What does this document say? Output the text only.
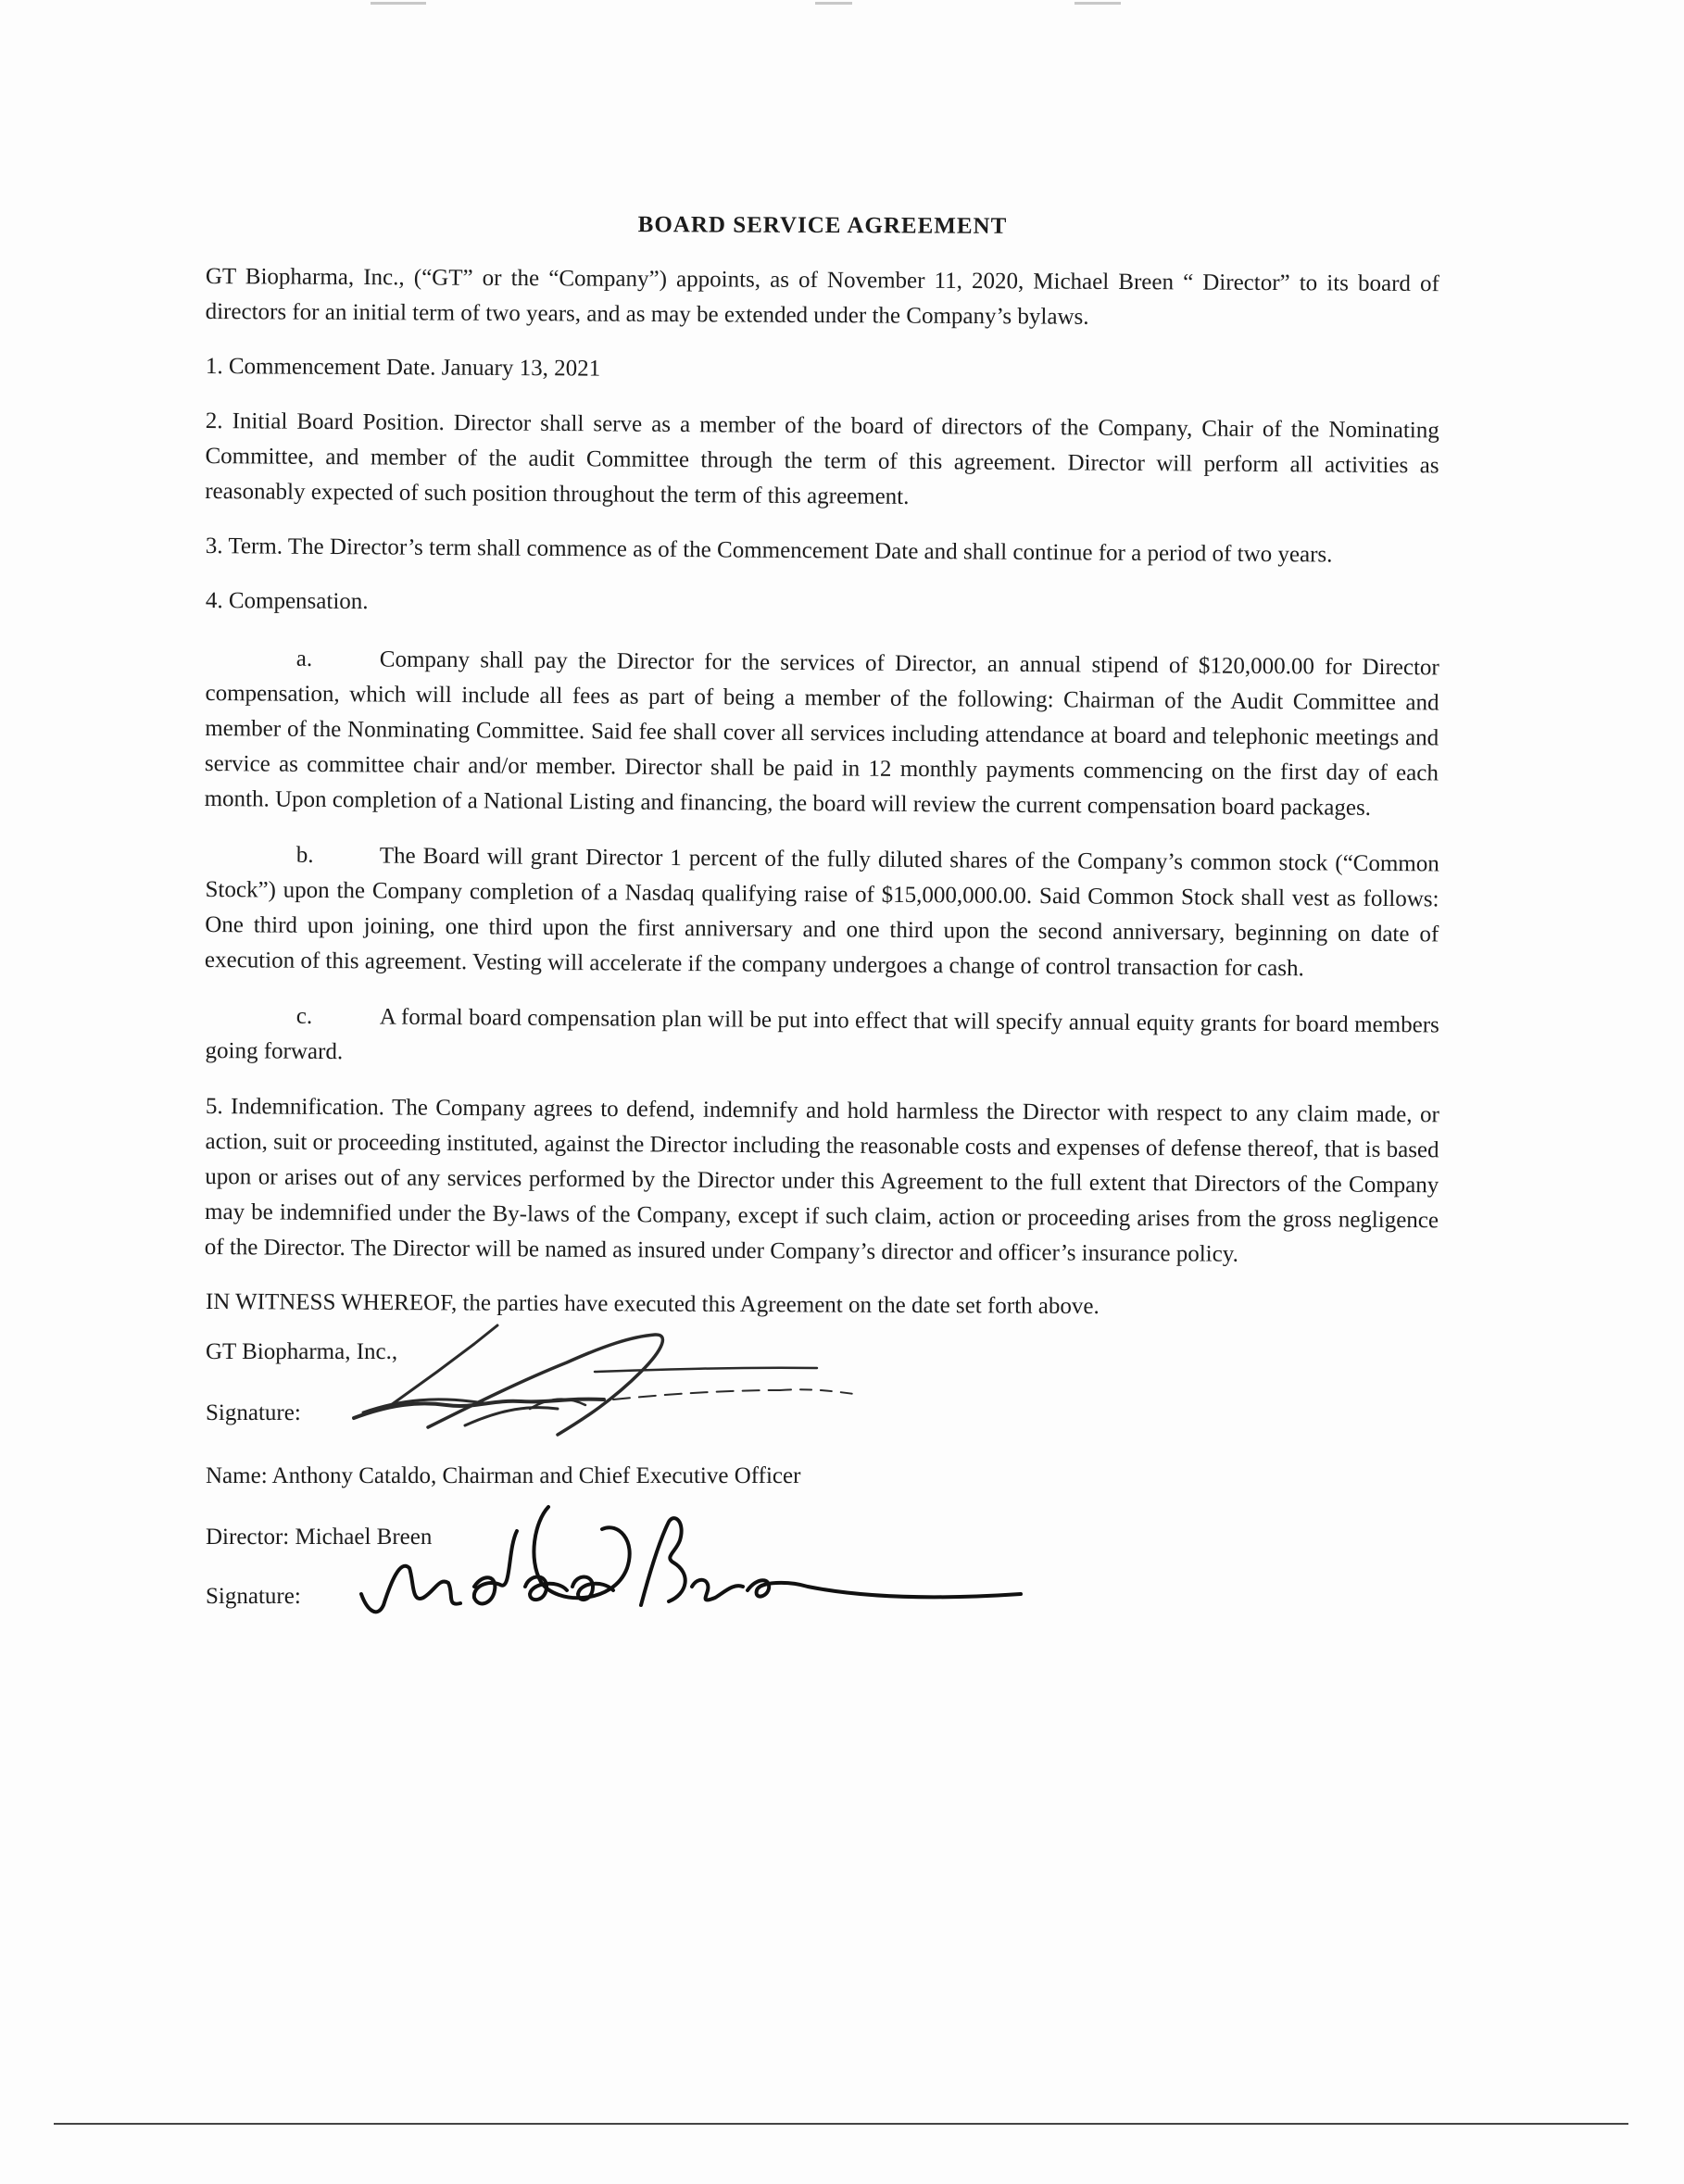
BOARD SERVICE AGREEMENT

GT Biopharma, Inc., (“GT” or the “Company”) appoints, as of November 11, 2020, Michael Breen “ Director” to its board of directors for an initial term of two years, and as may be extended under the Company’s bylaws.

1. Commencement Date. January 13, 2021

2. Initial Board Position. Director shall serve as a member of the board of directors of the Company, Chair of the Nominating Committee, and member of the audit Committee through the term of this agreement. Director will perform all activities as reasonably expected of such position throughout the term of this agreement.

3. Term. The Director’s term shall commence as of the Commencement Date and shall continue for a period of two years.

4. Compensation.

a.	Company shall pay the Director for the services of Director, an annual stipend of $120,000.00 for Director compensation, which will include all fees as part of being a member of the following: Chairman of the Audit Committee and member of the Nonminating Committee. Said fee shall cover all services including attendance at board and telephonic meetings and service as committee chair and/or member. Director shall be paid in 12 monthly payments commencing on the first day of each month. Upon completion of a National Listing and financing, the board will review the current compensation board packages.

b.	The Board will grant Director 1 percent of the fully diluted shares of the Company’s common stock (“Common Stock”) upon the Company completion of a Nasdaq qualifying raise of $15,000,000.00. Said Common Stock shall vest as follows: One third upon joining, one third upon the first anniversary and one third upon the second anniversary, beginning on date of execution of this agreement. Vesting will accelerate if the company undergoes a change of control transaction for cash.

c.	A formal board compensation plan will be put into effect that will specify annual equity grants for board members going forward.

5. Indemnification. The Company agrees to defend, indemnify and hold harmless the Director with respect to any claim made, or action, suit or proceeding instituted, against the Director including the reasonable costs and expenses of defense thereof, that is based upon or arises out of any services performed by the Director under this Agreement to the full extent that Directors of the Company may be indemnified under the By-laws of the Company, except if such claim, action or proceeding arises from the gross negligence of the Director. The Director will be named as insured under Company’s director and officer’s insurance policy.

IN WITNESS WHEREOF, the parties have executed this Agreement on the date set forth above.

GT Biopharma, Inc.,
Signature:
Name: Anthony Cataldo, Chairman and Chief Executive Officer
Director: Michael Breen
Signature:
